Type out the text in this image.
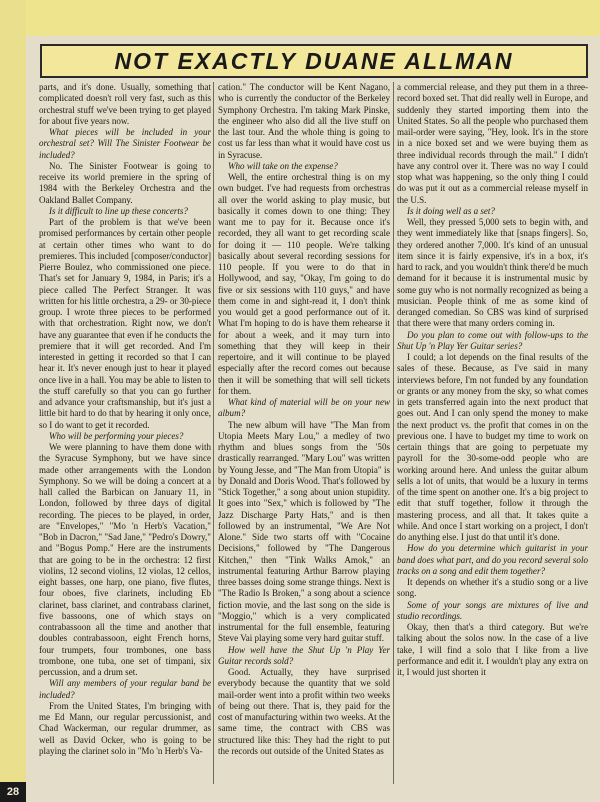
NOT EXACTLY DUANE ALLMAN

parts, and it's done. Usually, something that complicated doesn't roll very fast, such as this orchestral stuff we've been trying to get played for about five years now.

What pieces will be included in your orchestral set? Will The Sinister Footwear be included?

No. The Sinister Footwear is going to receive its world premiere in the spring of 1984 with the Berkeley Orchestra and the Oakland Ballet Company.

Is it difficult to line up these concerts?

Part of the problem is that we've been promised performances by certain other people at certain other times who want to do premieres. This included [composer/conductor] Pierre Boulez, who commissioned one piece. That's set for January 9, 1984, in Paris; it's a piece called The Perfect Stranger. It was written for his little orchestra, a 29- or 30-piece group. I wrote three pieces to be performed with that orchestration. Right now, we don't have any guarantee that even if he conducts the premiere that it will get recorded. And I'm interested in getting it recorded so that I can hear it. It's never enough just to hear it played once live in a hall. You may be able to listen to the stuff carefully so that you can go further and advance your craftsmanship, but it's just a little bit hard to do that by hearing it only once, so I do want to get it recorded.

Who will be performing your pieces?

We were planning to have them done with the Syracuse Symphony, but we have since made other arrangements with the London Symphony. So we will be doing a concert at a hall called the Barbican on January 11, in London, followed by three days of digital recording. The pieces to be played, in order, are "Envelopes," "Mo 'n Herb's Vacation," "Bob in Dacron," "Sad Jane," "Pedro's Dowry," and "Bogus Pomp." Here are the instruments that are going to be in the orchestra: 12 first violins, 12 second violins, 12 violas, 12 cellos, eight basses, one harp, one piano, five flutes, four oboes, five clarinets, including Eb clarinet, bass clarinet, and contrabass clarinet, five bassoons, one of which stays on contrabassoon all the time and another that doubles contrabassoon, eight French horns, four trumpets, four trombones, one bass trombone, one tuba, one set of timpani, six percussion, and a drum set.

Will any members of your regular band be included?

From the United States, I'm bringing with me Ed Mann, our regular percussionist, and Chad Wackerman, our regular drummer, as well as David Ocker, who is going to be playing the clarinet solo in "Mo 'n Herb's Va-

cation." The conductor will be Kent Nagano, who is currently the conductor of the Berkeley Symphony Orchestra. I'm taking Mark Pinske, the engineer who also did all the live stuff on the last tour. And the whole thing is going to cost us far less than what it would have cost us in Syracuse.

Who will take on the expense?

Well, the entire orchestral thing is on my own budget. I've had requests from orchestras all over the world asking to play music, but basically it comes down to one thing: They want me to pay for it. Because once it's recorded, they all want to get recording scale for doing it — 110 people. We're talking basically about several recording sessions for 110 people. If you were to do that in Hollywood, and say, "Okay, I'm going to do five or six sessions with 110 guys," and have them come in and sight-read it, I don't think you would get a good performance out of it. What I'm hoping to do is have them rehearse it for about a week, and it may turn into something that they will keep in their repertoire, and it will continue to be played especially after the record comes out because then it will be something that will sell tickets for them.

What kind of material will be on your new album?

The new album will have "The Man from Utopia Meets Mary Lou," a medley of two rhythm and blues songs from the '50s drastically rearranged. "Mary Lou" was written by Young Jesse, and "The Man from Utopia" is by Donald and Doris Wood. That's followed by "Stick Together," a song about union stupidity. It goes into "Sex," which is followed by "The Jazz Discharge Party Hats," and is then followed by an instrumental, "We Are Not Alone." Side two starts off with "Cocaine Decisions," followed by "The Dangerous Kitchen," then "Tink Walks Amok," an instrumental featuring Arthur Barrow playing three basses doing some strange things. Next is "The Radio Is Broken," a song about a science fiction movie, and the last song on the side is "Moggio," which is a very complicated instrumental for the full ensemble, featuring Steve Vai playing some very hard guitar stuff.

How well have the Shut Up 'n Play Yer Guitar records sold?

Good. Actually, they have surprised everybody because the quantity that we sold mail-order went into a profit within two weeks of being out there. That is, they paid for the cost of manufacturing within two weeks. At the same time, the contract with CBS was structured like this: They had the right to put the records out outside of the United States as

a commercial release, and they put them in a three-record boxed set. That did really well in Europe, and suddenly they started importing them into the United States. So all the people who purchased them mail-order were saying, "Hey, look. It's in the store in a nice boxed set and we were buying them as three individual records through the mail." I didn't have any control over it. There was no way I could stop what was happening, so the only thing I could do was put it out as a commercial release myself in the U.S.

Is it doing well as a set?

Well, they pressed 5,000 sets to begin with, and they went immediately like that [snaps fingers]. So, they ordered another 7,000. It's kind of an unusual item since it is fairly expensive, it's in a box, it's hard to rack, and you wouldn't think there'd be much demand for it because it is instrumental music by some guy who is not normally recognized as being a musician. People think of me as some kind of deranged comedian. So CBS was kind of surprised that there were that many orders coming in.

Do you plan to come out with follow-ups to the Shut Up 'n Play Yer Guitar series?

I could; a lot depends on the final results of the sales of these. Because, as I've said in many interviews before, I'm not funded by any foundation or grants or any money from the sky, so what comes in gets transferred again into the next product that goes out. And I can only spend the money to make the next product vs. the profit that comes in on the previous one. I have to budget my time to work on certain things that are going to perpetuate my payroll for the 30-some-odd people who are working around here. And unless the guitar album sells a lot of units, that would be a luxury in terms of the time spent on another one. It's a big project to edit that stuff together, follow it through the mastering process, and all that. It takes quite a while. And once I start working on a project, I don't do anything else. I just do that until it's done.

How do you determine which guitarist in your band does what part, and do you record several solo tracks on a song and edit them together?

It depends on whether it's a studio song or a live song.

Some of your songs are mixtures of live and studio recordings.

Okay, then that's a third category. But we're talking about the solos now. In the case of a live take, I will find a solo that I like from a live performance and edit it. I wouldn't play any extra on it, I would just shorten it

28
